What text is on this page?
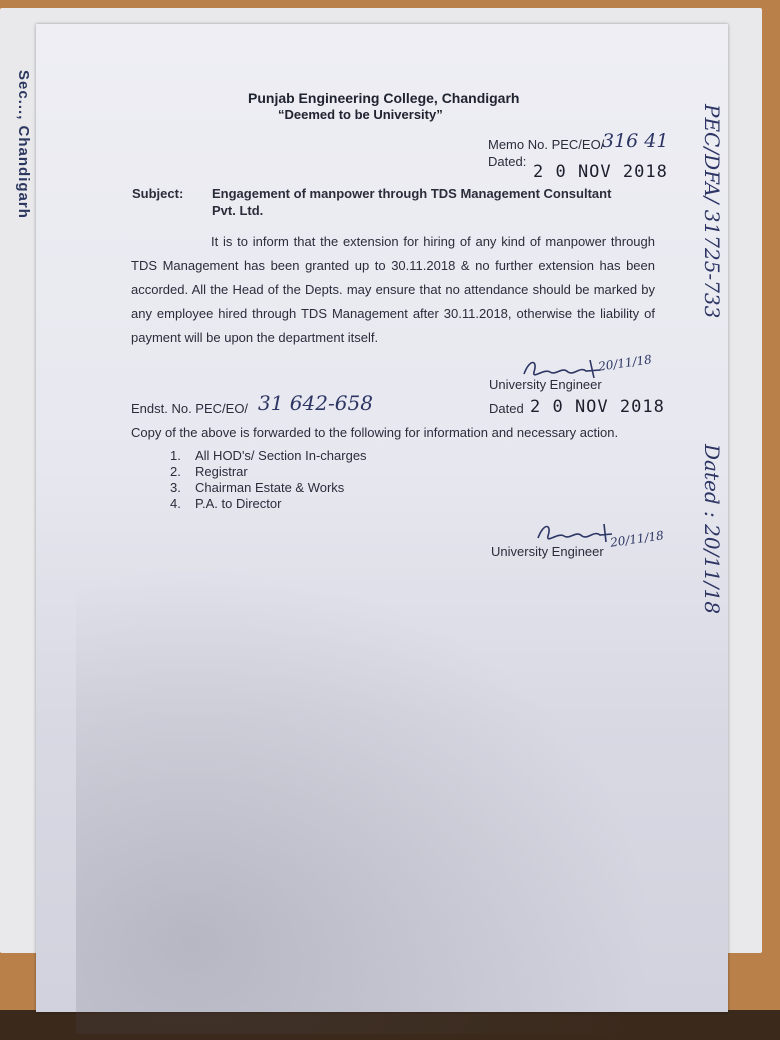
Sec..., Chandigarh	Punjab Engineering College, Chandigarh
“Deemed to be University”
Memo No. PEC/EO/
316 41
Dated:
2 0 NOV 2018
Subject: Engagement of manpower through TDS Management Consultant
Pvt. Ltd.
It is to inform that the extension for hiring of any kind of manpower through TDS Management has been granted up to 30.11.2018 & no further extension has been accorded. All the Head of the Depts. may ensure that no attendance should be marked by any employee hired through TDS Management after 30.11.2018, otherwise the liability of payment will be upon the department itself.
20/11/18
University Engineer
Endst. No. PEC/EO/ 31 642-658	Dated 2 0 NOV 2018
Copy of the above is forwarded to the following for information and necessary action.
1. All HOD's/ Section In-charges
2. Registrar
3. Chairman Estate & Works
4. P.A. to Director
20/11/18
University Engineer
PEC/DFA/ 31725-733
Dated : 20/11/18
